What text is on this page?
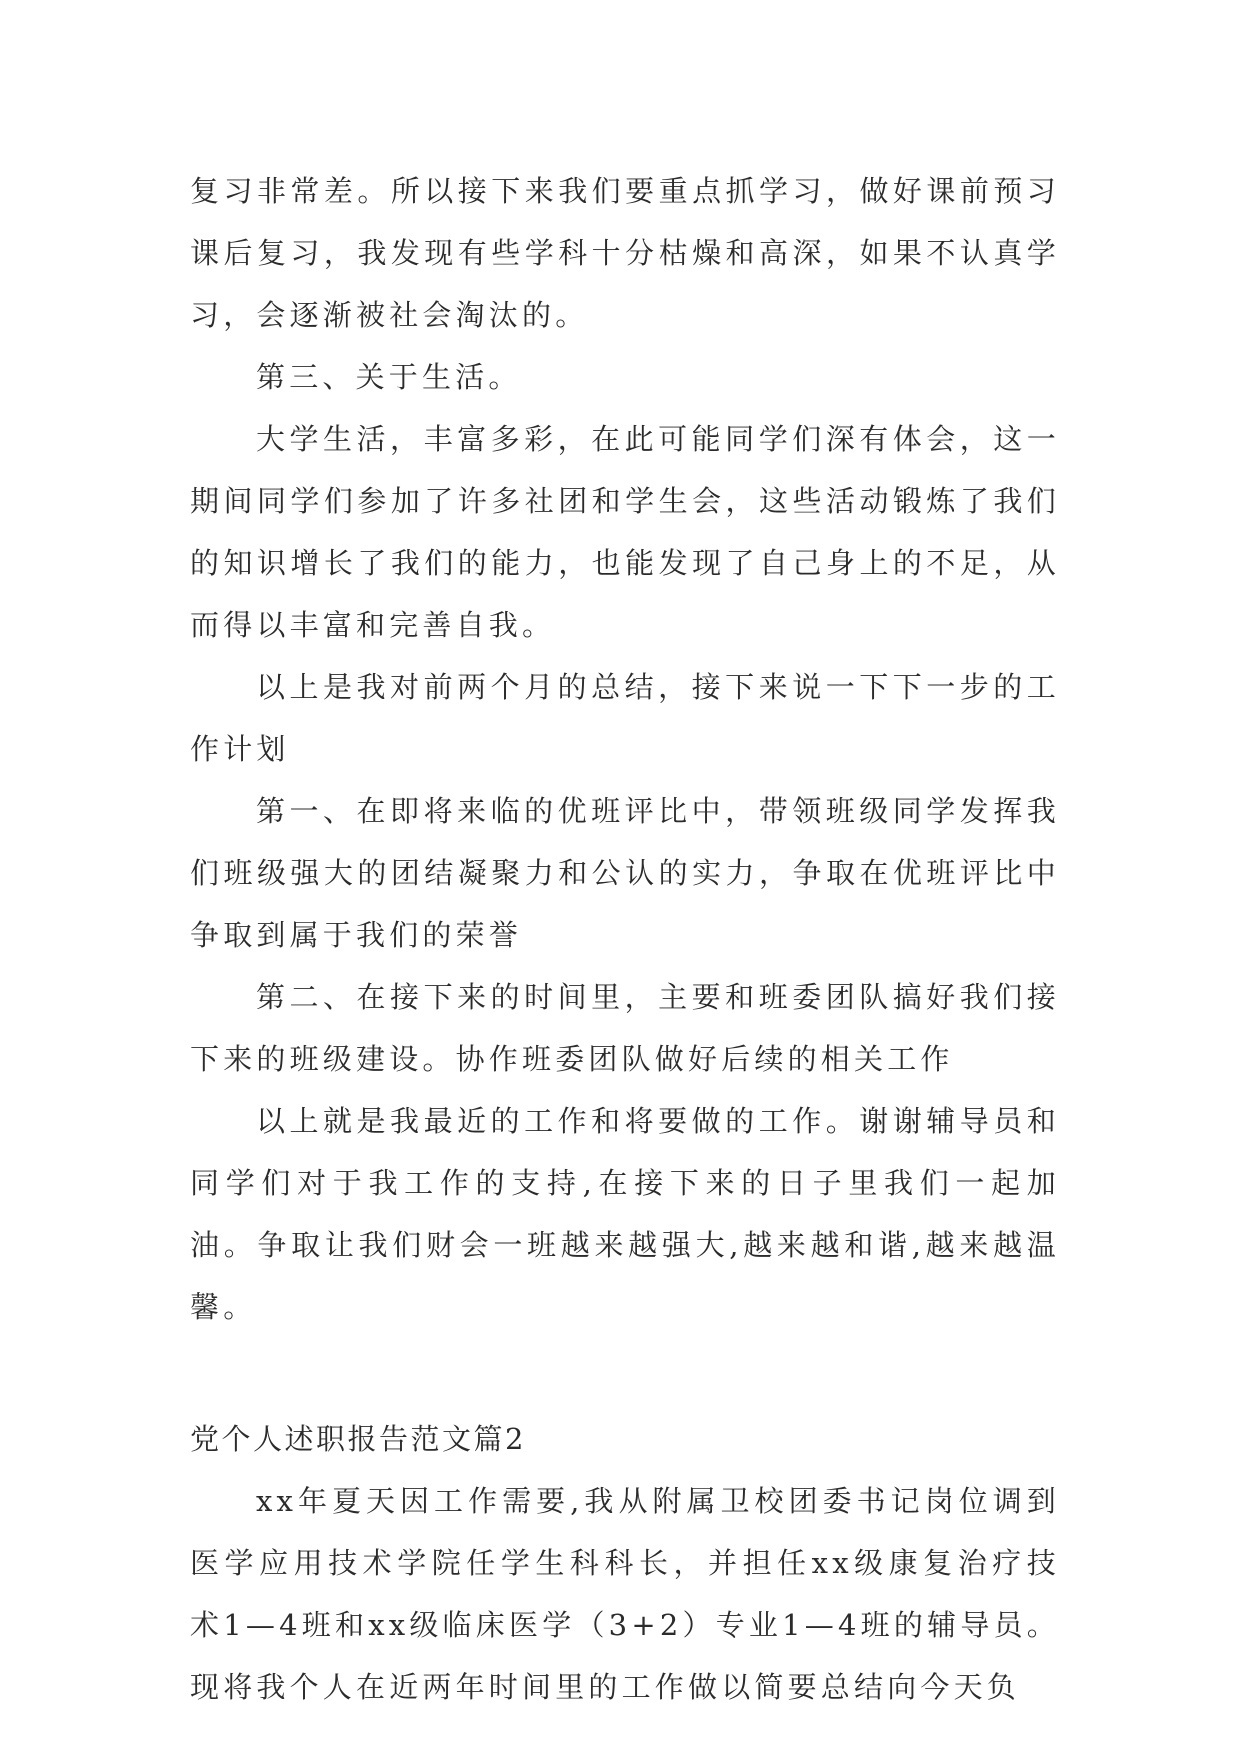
复习非常差。所以接下来我们要重点抓学习，做好课前预习课后复习，我发现有些学科十分枯燥和高深，如果不认真学习，会逐渐被社会淘汰的。

第三、关于生活。

大学生活，丰富多彩，在此可能同学们深有体会，这一期间同学们参加了许多社团和学生会，这些活动锻炼了我们的知识增长了我们的能力，也能发现了自己身上的不足，从而得以丰富和完善自我。

以上是我对前两个月的总结，接下来说一下下一步的工作计划

第一、在即将来临的优班评比中，带领班级同学发挥我们班级强大的团结凝聚力和公认的实力，争取在优班评比中争取到属于我们的荣誉

第二、在接下来的时间里，主要和班委团队搞好我们接下来的班级建设。协作班委团队做好后续的相关工作

以上就是我最近的工作和将要做的工作。谢谢辅导员和同学们对于我工作的支持,在接下来的日子里我们一起加油。争取让我们财会一班越来越强大,越来越和谐,越来越温馨。

党个人述职报告范文篇2

xx年夏天因工作需要,我从附属卫校团委书记岗位调到医学应用技术学院任学生科科长，并担任xx级康复治疗技术1—4班和xx级临床医学（3+2）专业1—4班的辅导员。现将我个人在近两年时间里的工作做以简要总结向今天负
